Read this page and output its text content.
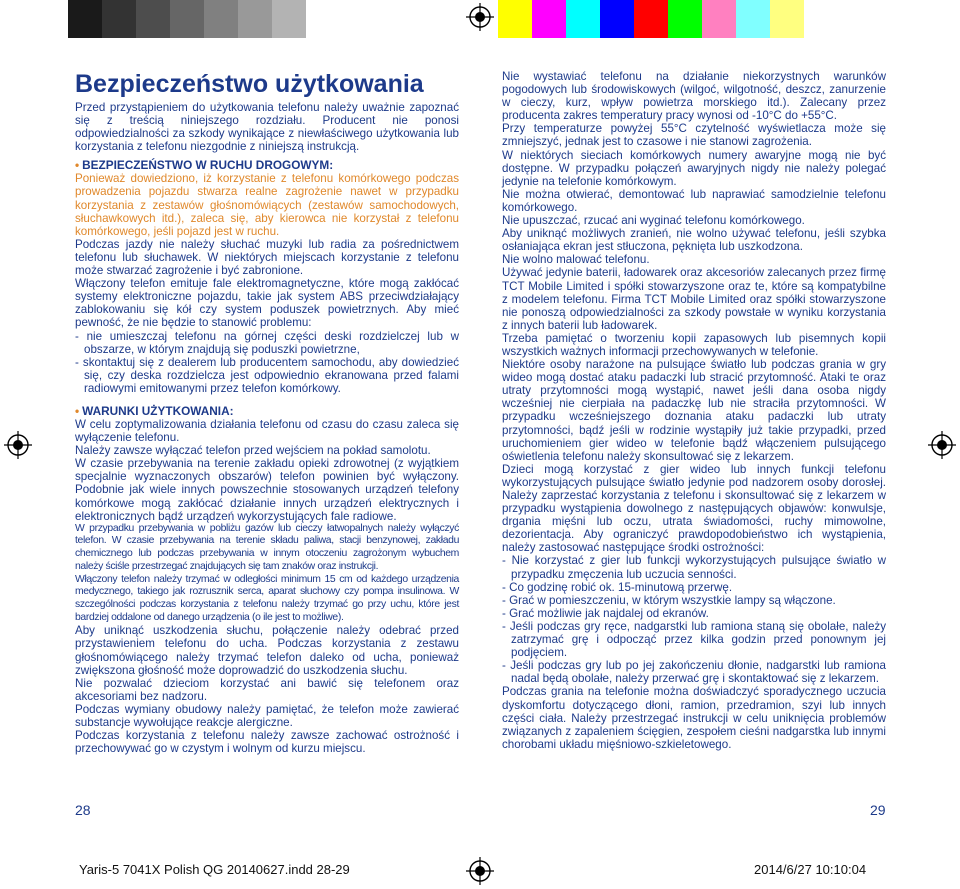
Bezpieczeństwo użytkowania

Przed przystąpieniem do użytkowania telefonu należy uważnie zapoznać się z treścią niniejszego rozdziału. Producent nie ponosi odpowiedzialności za szkody wynikające z niewłaściwego użytkowania lub korzystania z telefonu niezgodnie z niniejszą instrukcją.

• BEZPIECZEŃSTWO W RUCHU DROGOWYM:

Ponieważ dowiedziono, iż korzystanie z telefonu komórkowego podczas prowadzenia pojazdu stwarza realne zagrożenie nawet w przypadku korzystania z zestawów głośnomówiących (zestawów samochodowych, słuchawkowych itd.), zaleca się, aby kierowca nie korzystał z telefonu komórkowego, jeśli pojazd jest w ruchu.

Podczas jazdy nie należy słuchać muzyki lub radia za pośrednictwem telefonu lub słuchawek. W niektórych miejscach korzystanie z telefonu może stwarzać zagrożenie i być zabronione.

Włączony telefon emituje fale elektromagnetyczne, które mogą zakłócać systemy elektroniczne pojazdu, takie jak system ABS przeciwdziałający zablokowaniu się kół czy system poduszek powietrznych. Aby mieć pewność, że nie będzie to stanowić problemu:

- nie umieszczaj telefonu na górnej części deski rozdzielczej lub w obszarze, w którym znajdują się poduszki powietrzne,

- skontaktuj się z dealerem lub producentem samochodu, aby dowiedzieć się, czy deska rozdzielcza jest odpowiednio ekranowana przed falami radiowymi emitowanymi przez telefon komórkowy.

• WARUNKI UŻYTKOWANIA:

W celu zoptymalizowania działania telefonu od czasu do czasu zaleca się wyłączenie telefonu.

Należy zawsze wyłączać telefon przed wejściem na pokład samolotu.

W czasie przebywania na terenie zakładu opieki zdrowotnej (z wyjątkiem specjalnie wyznaczonych obszarów) telefon powinien być wyłączony. Podobnie jak wiele innych powszechnie stosowanych urządzeń telefony komórkowe mogą zakłócać działanie innych urządzeń elektrycznych i elektronicznych bądź urządzeń wykorzystujących fale radiowe.

W przypadku przebywania w pobliżu gazów lub cieczy łatwopalnych należy wyłączyć telefon. W czasie przebywania na terenie składu paliwa, stacji benzynowej, zakładu chemicznego lub podczas przebywania w innym otoczeniu zagrożonym wybuchem należy ściśle przestrzegać znajdujących się tam znaków oraz instrukcji.

Włączony telefon należy trzymać w odległości minimum 15 cm od każdego urządzenia medycznego, takiego jak rozrusznik serca, aparat słuchowy czy pompa insulinowa. W szczególności podczas korzystania z telefonu należy trzymać go przy uchu, które jest bardziej oddalone od danego urządzenia (o ile jest to możliwe).

Aby uniknąć uszkodzenia słuchu, połączenie należy odebrać przed przystawieniem telefonu do ucha. Podczas korzystania z zestawu głośnomówiącego należy trzymać telefon daleko od ucha, ponieważ zwiększona głośność może doprowadzić do uszkodzenia słuchu.

Nie pozwalać dzieciom korzystać ani bawić się telefonem oraz akcesoriami bez nadzoru.

Podczas wymiany obudowy należy pamiętać, że telefon może zawierać substancje wywołujące reakcje alergiczne.

Podczas korzystania z telefonu należy zawsze zachować ostrożność i przechowywać go w czystym i wolnym od kurzu miejscu.

Nie wystawiać telefonu na działanie niekorzystnych warunków pogodowych lub środowiskowych (wilgoć, wilgotność, deszcz, zanurzenie w cieczy, kurz, wpływ powietrza morskiego itd.). Zalecany przez producenta zakres temperatury pracy wynosi od -10°C do +55°C.

Przy temperaturze powyżej 55°C czytelność wyświetlacza może się zmniejszyć, jednak jest to czasowe i nie stanowi zagrożenia.

W niektórych sieciach komórkowych numery awaryjne mogą nie być dostępne. W przypadku połączeń awaryjnych nigdy nie należy polegać jedynie na telefonie komórkowym.

Nie można otwierać, demontować lub naprawiać samodzielnie telefonu komórkowego.

Nie upuszczać, rzucać ani wyginać telefonu komórkowego.

Aby uniknąć możliwych zranień, nie wolno używać telefonu, jeśli szybka osłaniająca ekran jest stłuczona, pęknięta lub uszkodzona.

Nie wolno malować telefonu.

Używać jedynie baterii, ładowarek oraz akcesoriów zalecanych przez firmę TCT Mobile Limited i spółki stowarzyszone oraz te, które są kompatybilne z modelem telefonu. Firma TCT Mobile Limited oraz spółki stowarzyszone nie ponoszą odpowiedzialności za szkody powstałe w wyniku korzystania z innych baterii lub ładowarek.

Trzeba pamiętać o tworzeniu kopii zapasowych lub pisemnych kopii wszystkich ważnych informacji przechowywanych w telefonie.

Niektóre osoby narażone na pulsujące światło lub podczas grania w gry wideo mogą dostać ataku padaczki lub stracić przytomność. Ataki te oraz utraty przytomności mogą wystąpić, nawet jeśli dana osoba nigdy wcześniej nie cierpiała na padaczkę lub nie straciła przytomności. W przypadku wcześniejszego doznania ataku padaczki lub utraty przytomności, bądź jeśli w rodzinie wystąpiły już takie przypadki, przed uruchomieniem gier wideo w telefonie bądź włączeniem pulsującego oświetlenia telefonu należy skonsultować się z lekarzem.

Dzieci mogą korzystać z gier wideo lub innych funkcji telefonu wykorzystujących pulsujące światło jedynie pod nadzorem osoby dorosłej. Należy zaprzestać korzystania z telefonu i skonsultować się z lekarzem w przypadku wystąpienia dowolnego z następujących objawów: konwulsje, drgania mięśni lub oczu, utrata świadomości, ruchy mimowolne, dezorientacja. Aby ograniczyć prawdopodobieństwo ich wystąpienia, należy zastosować następujące środki ostrożności:

- Nie korzystać z gier lub funkcji wykorzystujących pulsujące światło w przypadku zmęczenia lub uczucia senności.

- Co godzinę robić ok. 15-minutową przerwę.

- Grać w pomieszczeniu, w którym wszystkie lampy są włączone.

- Grać możliwie jak najdalej od ekranów.

- Jeśli podczas gry ręce, nadgarstki lub ramiona staną się obolałe, należy zatrzymać grę i odpocząć przez kilka godzin przed ponownym jej podjęciem.

- Jeśli podczas gry lub po jej zakończeniu dłonie, nadgarstki lub ramiona nadal będą obolałe, należy przerwać grę i skontaktować się z lekarzem.

Podczas grania na telefonie można doświadczyć sporadycznego uczucia dyskomfortu dotyczącego dłoni, ramion, przedramion, szyi lub innych części ciała. Należy przestrzegać instrukcji w celu uniknięcia problemów związanych z zapaleniem ścięgien, zespołem cieśni nadgarstka lub innymi chorobami układu mięśniowo-szkieletowego.

28	29
Yaris-5 7041X Polish QG 20140627.indd 28-29	2014/6/27 10:10:04
